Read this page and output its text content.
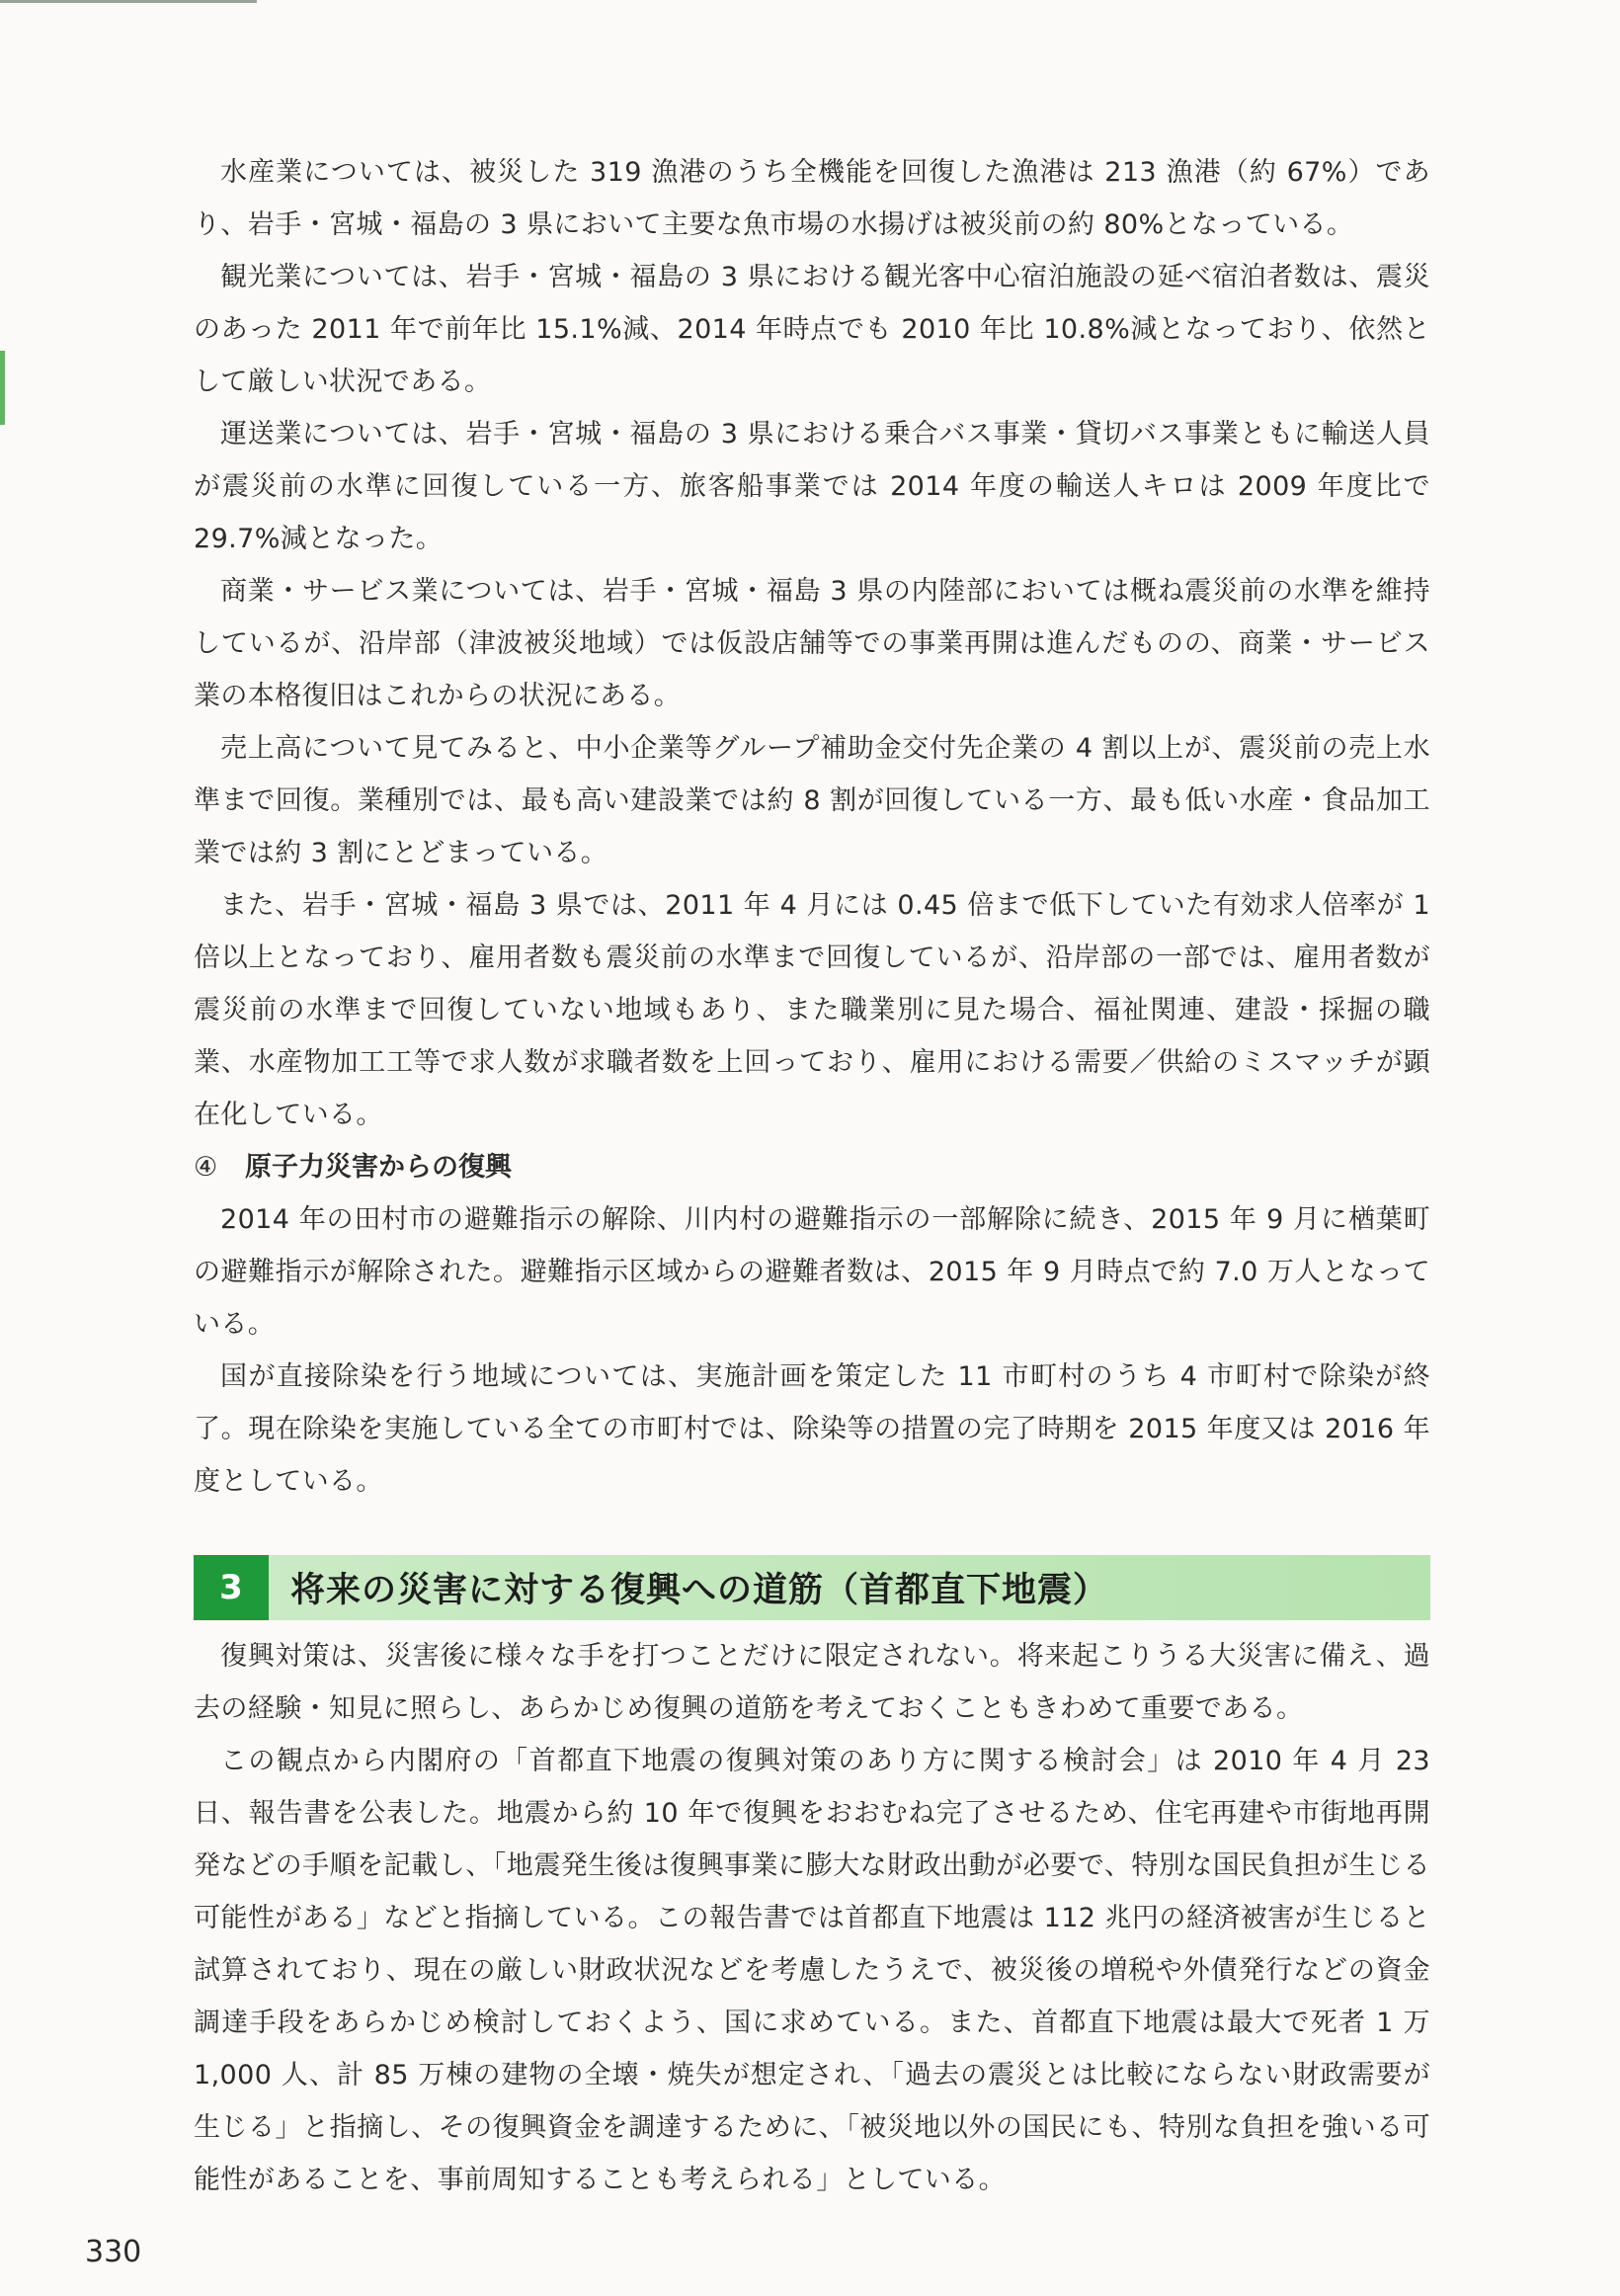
水産業については、被災した 319 漁港のうち全機能を回復した漁港は 213 漁港（約 67%）であり、岩手・宮城・福島の 3 県において主要な魚市場の水揚げは被災前の約 80%となっている。

観光業については、岩手・宮城・福島の 3 県における観光客中心宿泊施設の延べ宿泊者数は、震災のあった 2011 年で前年比 15.1%減、2014 年時点でも 2010 年比 10.8%減となっており、依然として厳しい状況である。

運送業については、岩手・宮城・福島の 3 県における乗合バス事業・貸切バス事業ともに輸送人員が震災前の水準に回復している一方、旅客船事業では 2014 年度の輸送人キロは 2009 年度比で 29.7%減となった。

商業・サービス業については、岩手・宮城・福島 3 県の内陸部においては概ね震災前の水準を維持しているが、沿岸部（津波被災地域）では仮設店舗等での事業再開は進んだものの、商業・サービス業の本格復旧はこれからの状況にある。

売上高について見てみると、中小企業等グループ補助金交付先企業の 4 割以上が、震災前の売上水準まで回復。業種別では、最も高い建設業では約 8 割が回復している一方、最も低い水産・食品加工業では約 3 割にとどまっている。

また、岩手・宮城・福島 3 県では、2011 年 4 月には 0.45 倍まで低下していた有効求人倍率が 1 倍以上となっており、雇用者数も震災前の水準まで回復しているが、沿岸部の一部では、雇用者数が震災前の水準まで回復していない地域もあり、また職業別に見た場合、福祉関連、建設・採掘の職業、水産物加工工等で求人数が求職者数を上回っており、雇用における需要／供給のミスマッチが顕在化している。

④	原子力災害からの復興

2014 年の田村市の避難指示の解除、川内村の避難指示の一部解除に続き、2015 年 9 月に楢葉町の避難指示が解除された。避難指示区域からの避難者数は、2015 年 9 月時点で約 7.0 万人となっている。

国が直接除染を行う地域については、実施計画を策定した 11 市町村のうち 4 市町村で除染が終了。現在除染を実施している全ての市町村では、除染等の措置の完了時期を 2015 年度又は 2016 年度としている。

3	将来の災害に対する復興への道筋（首都直下地震）

復興対策は、災害後に様々な手を打つことだけに限定されない。将来起こりうる大災害に備え、過去の経験・知見に照らし、あらかじめ復興の道筋を考えておくこともきわめて重要である。

この観点から内閣府の「首都直下地震の復興対策のあり方に関する検討会」は 2010 年 4 月 23 日、報告書を公表した。地震から約 10 年で復興をおおむね完了させるため、住宅再建や市街地再開発などの手順を記載し、「地震発生後は復興事業に膨大な財政出動が必要で、特別な国民負担が生じる可能性がある」などと指摘している。この報告書では首都直下地震は 112 兆円の経済被害が生じると試算されており、現在の厳しい財政状況などを考慮したうえで、被災後の増税や外債発行などの資金調達手段をあらかじめ検討しておくよう、国に求めている。また、首都直下地震は最大で死者 1 万 1,000 人、計 85 万棟の建物の全壊・焼失が想定され、「過去の震災とは比較にならない財政需要が生じる」と指摘し、その復興資金を調達するために、「被災地以外の国民にも、特別な負担を強いる可能性があることを、事前周知することも考えられる」としている。

330
